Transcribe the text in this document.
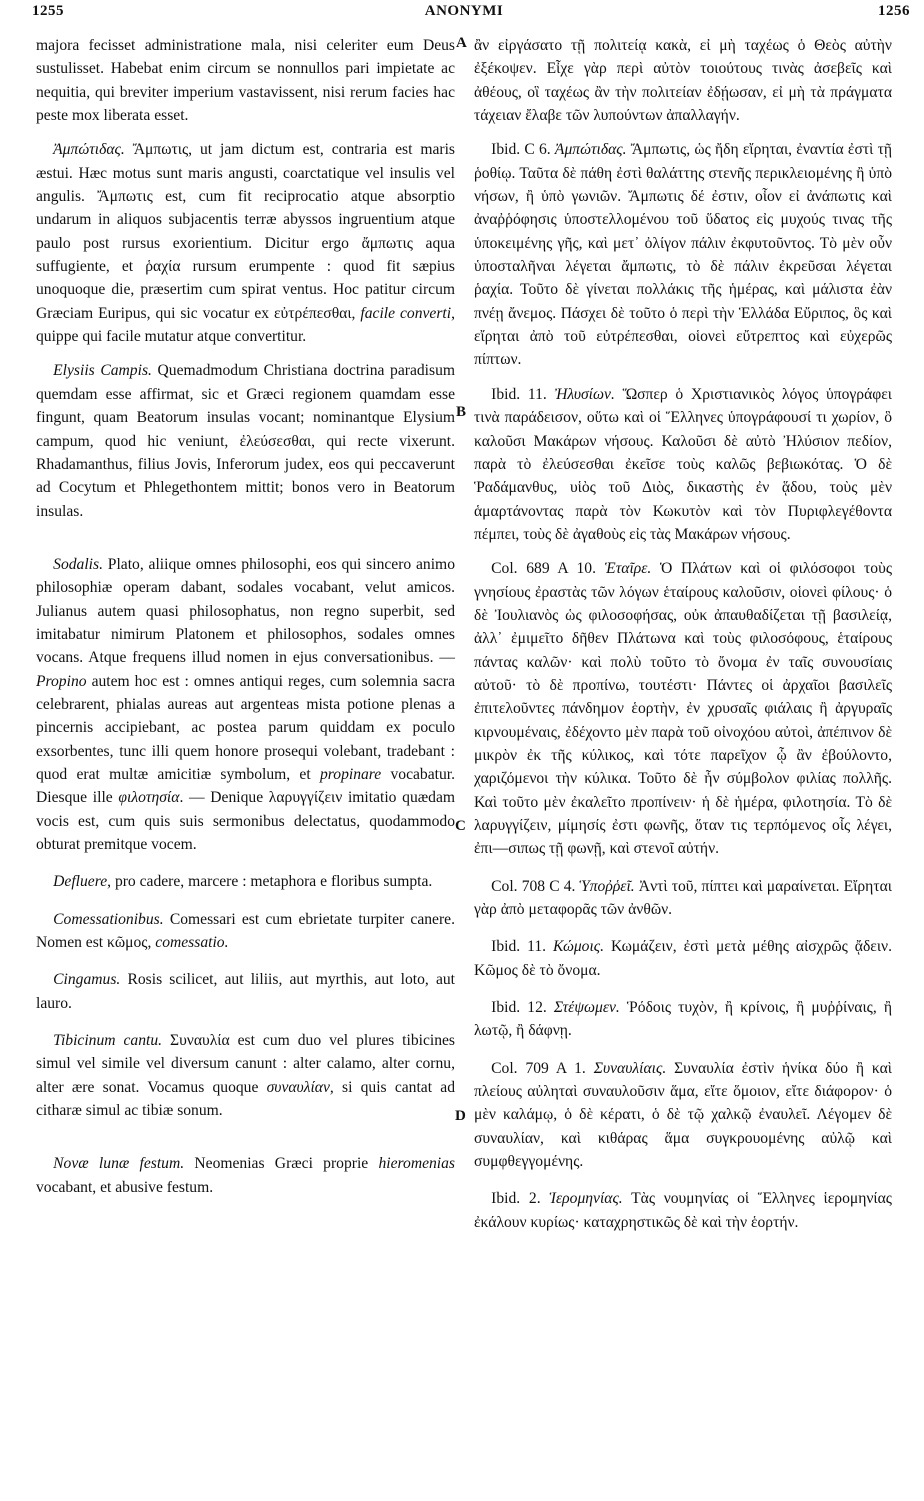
1255	ANONYMI	1256
A
B
C
D

majora fecisset administratione mala, nisi celeriter eum Deus sustulisset. Habebat enim circum se nonnullos pari impietate ac nequitia, qui breviter imperium vastavissent, nisi rerum facies hac peste mox liberata esset.

Ἀμπώτιδας. Ἄμπωτις, ut jam dictum est, contraria est maris æstui. Hæc motus sunt maris angusti, coarctatique vel insulis vel angulis. Ἄμπωτις est, cum fit reciprocatio atque absorptio undarum in aliquos subjacentis terræ abyssos ingruentium atque paulo post rursus exorientium. Dicitur ergo ἄμπωτις aqua suffugiente, et ῥαχία rursum erumpente : quod fit sæpius unoquoque die, præsertim cum spirat ventus. Hoc patitur circum Græciam Euripus, qui sic vocatur ex εὐτρέπεσθαι, facile converti, quippe qui facile mutatur atque convertitur.

Elysiis Campis. Quemadmodum Christiana doctrina paradisum quemdam esse affirmat, sic et Græci regionem quamdam esse fingunt, quam Beatorum insulas vocant; nominantque Elysium campum, quod hic veniunt, ἐλεύσεσθαι, qui recte vixerunt. Rhadamanthus, filius Jovis, Inferorum judex, eos qui peccaverunt ad Cocytum et Phlegethontem mittit; bonos vero in Beatorum insulas.

Sodalis. Plato, aliique omnes philosophi, eos qui sincero animo philosophiæ operam dabant, sodales vocabant, velut amicos. Julianus autem quasi philosophatus, non regno superbit, sed imitabatur nimirum Platonem et philosophos, sodales omnes vocans. Atque frequens illud nomen in ejus conversationibus. — Propino autem hoc est : omnes antiqui reges, cum solemnia sacra celebrarent, phialas aureas aut argenteas mista potione plenas a pincernis accipiebant, ac postea parum quiddam ex poculo exsorbentes, tunc illi quem honore prosequi volebant, tradebant : quod erat multæ amicitiæ symbolum, et propinare vocabatur. Diesque ille φιλοτησία. — Denique λαρυγγίζειν imitatio quædam vocis est, cum quis suis sermonibus delectatus, quodammodo obturat premitque vocem.

Defluere, pro cadere, marcere : metaphora e floribus sumpta.

Comessationibus. Comessari est cum ebrietate turpiter canere. Nomen est κῶμος, comessatio.

Cingamus. Rosis scilicet, aut liliis, aut myrthis, aut loto, aut lauro.

Tibicinum cantu. Συναυλία est cum duo vel plures tibicines simul vel simile vel diversum canunt : alter calamo, alter cornu, alter ære sonat. Vocamus quoque συναυλίαν, si quis cantat ad citharæ simul ac tibiæ sonum.

Novæ lunæ festum. Neomenias Græci proprie hieromenias vocabant, et abusive festum.

ἂν εἰργάσατο τῇ πολιτείᾳ κακὰ, εἰ μὴ ταχέως ὁ Θεὸς αὐτὴν ἐξέκοψεν. Εἶχε γὰρ περὶ αὐτὸν τοιούτους τινὰς ἀσεβεῖς καὶ ἀθέους, οἳ ταχέως ἂν τὴν πολιτείαν ἐδῄωσαν, εἰ μὴ τὰ πράγματα τάχειαν ἔλαβε τῶν λυπούντων ἀπαλλαγήν.

Ibid. C 6. Ἀμπώτιδας. Ἄμπωτις, ὡς ἤδη εἴρηται, ἐναντία ἐστὶ τῇ ῥοθίῳ. Ταῦτα δὲ πάθη ἐστὶ θαλάττης στενῆς περικλειομένης ἢ ὑπὸ νήσων, ἢ ὑπὸ γωνιῶν. Ἄμπωτις δέ ἐστιν, οἷον εἰ ἀνάπωτις καὶ ἀναῤῥόφησις ὑποστελλομένου τοῦ ὕδατος εἰς μυχούς τινας τῆς ὑποκειμένης γῆς, καὶ μετ᾽ ὀλίγον πάλιν ἐκφυτοῦντος. Τὸ μὲν οὖν ὑποσταλῆναι λέγεται ἄμπωτις, τὸ δὲ πάλιν ἐκρεῦσαι λέγεται ῥαχία. Τοῦτο δὲ γίνεται πολλάκις τῆς ἡμέρας, καὶ μάλιστα ἐὰν πνέῃ ἄνεμος. Πάσχει δὲ τοῦτο ὁ περὶ τὴν Ἑλλάδα Εὔριπος, ὃς καὶ εἴρηται ἀπὸ τοῦ εὐτρέπεσθαι, οἱονεὶ εὔτρεπτος καὶ εὐχερῶς πίπτων.

Ibid. 11. Ἠλυσίων. Ὥσπερ ὁ Χριστιανικὸς λόγος ὑπογράφει τινὰ παράδεισον, οὕτω καὶ οἱ Ἕλληνες ὑπογράφουσί τι χωρίον, ὃ καλοῦσι Μακάρων νήσους. Καλοῦσι δὲ αὐτὸ Ἠλύσιον πεδίον, παρὰ τὸ ἐλεύσεσθαι ἐκεῖσε τοὺς καλῶς βεβιωκότας. Ὁ δὲ Ῥαδάμανθυς, υἱὸς τοῦ Διὸς, δικαστὴς ἐν ᾅδου, τοὺς μὲν ἁμαρτάνοντας παρὰ τὸν Κωκυτὸν καὶ τὸν Πυριφλεγέθοντα πέμπει, τοὺς δὲ ἀγαθοὺς εἰς τὰς Μακάρων νήσους.

Col. 689 A 10. Ἑταῖρε. Ὁ Πλάτων καὶ οἱ φιλόσοφοι τοὺς γνησίους ἐραστὰς τῶν λόγων ἑταίρους καλοῦσιν, οἱονεὶ φίλους· ὁ δὲ Ἰουλιανὸς ὡς φιλοσοφήσας, οὐκ ἀπαυθαδίζεται τῇ βασιλείᾳ, ἀλλ᾽ ἐμιμεῖτο δῆθεν Πλάτωνα καὶ τοὺς φιλοσόφους, ἑταίρους πάντας καλῶν· καὶ πολὺ τοῦτο τὸ ὄνομα ἐν ταῖς συνουσίαις αὐτοῦ· τὸ δὲ προπίνω, τουτέστι· Πάντες οἱ ἀρχαῖοι βασιλεῖς ἐπιτελοῦντες πάνδημον ἑορτὴν, ἐν χρυσαῖς φιάλαις ἢ ἀργυραῖς κιρνουμέναις, ἐδέχοντο μὲν παρὰ τοῦ οἰνοχόου αὐτοὶ, ἀπέπινον δὲ μικρὸν ἐκ τῆς κύλικος, καὶ τότε παρεῖχον ᾧ ἂν ἐβούλοντο, χαριζόμενοι τὴν κύλικα. Τοῦτο δὲ ἦν σύμβολον φιλίας πολλῆς. Καὶ τοῦτο μὲν ἐκαλεῖτο προπίνειν· ἡ δὲ ἡμέρα, φιλοτησία. Τὸ δὲ λαρυγγίζειν, μίμησίς ἐστι φωνῆς, ὅταν τις τερπόμενος οἷς λέγει, ἐπι—σιπως τῇ φωνῇ, καὶ στενοῖ αὐτήν.

Col. 708 C 4. Ὑποῤῥεῖ. Ἀντὶ τοῦ, πίπτει καὶ μαραίνεται. Εἴρηται γὰρ ἀπὸ μεταφορᾶς τῶν ἀνθῶν.

Ibid. 11. Κώμοις. Κωμάζειν, ἐστὶ μετὰ μέθης αἰσχρῶς ᾄδειν. Κῶμος δὲ τὸ ὄνομα.

Ibid. 12. Στέψωμεν. Ῥόδοις τυχὸν, ἢ κρίνοις, ἢ μυῤῥίναις, ἢ λωτῷ, ἢ δάφνῃ.

Col. 709 A 1. Συναυλίαις. Συναυλία ἐστὶν ἡνίκα δύο ἢ καὶ πλείους αὐληταὶ συναυλοῦσιν ἅμα, εἴτε ὅμοιον, εἴτε διάφορον· ὁ μὲν καλάμῳ, ὁ δὲ κέρατι, ὁ δὲ τῷ χαλκῷ ἐναυλεῖ. Λέγομεν δὲ συναυλίαν, καὶ κιθάρας ἅμα συγκρουομένης αὐλῷ καὶ συμφθεγγομένης.

Ibid. 2. Ἱερομηνίας. Τὰς νουμηνίας οἱ Ἕλληνες ἱερομηνίας ἐκάλουν κυρίως· καταχρηστικῶς δὲ καὶ τὴν ἑορτήν.
